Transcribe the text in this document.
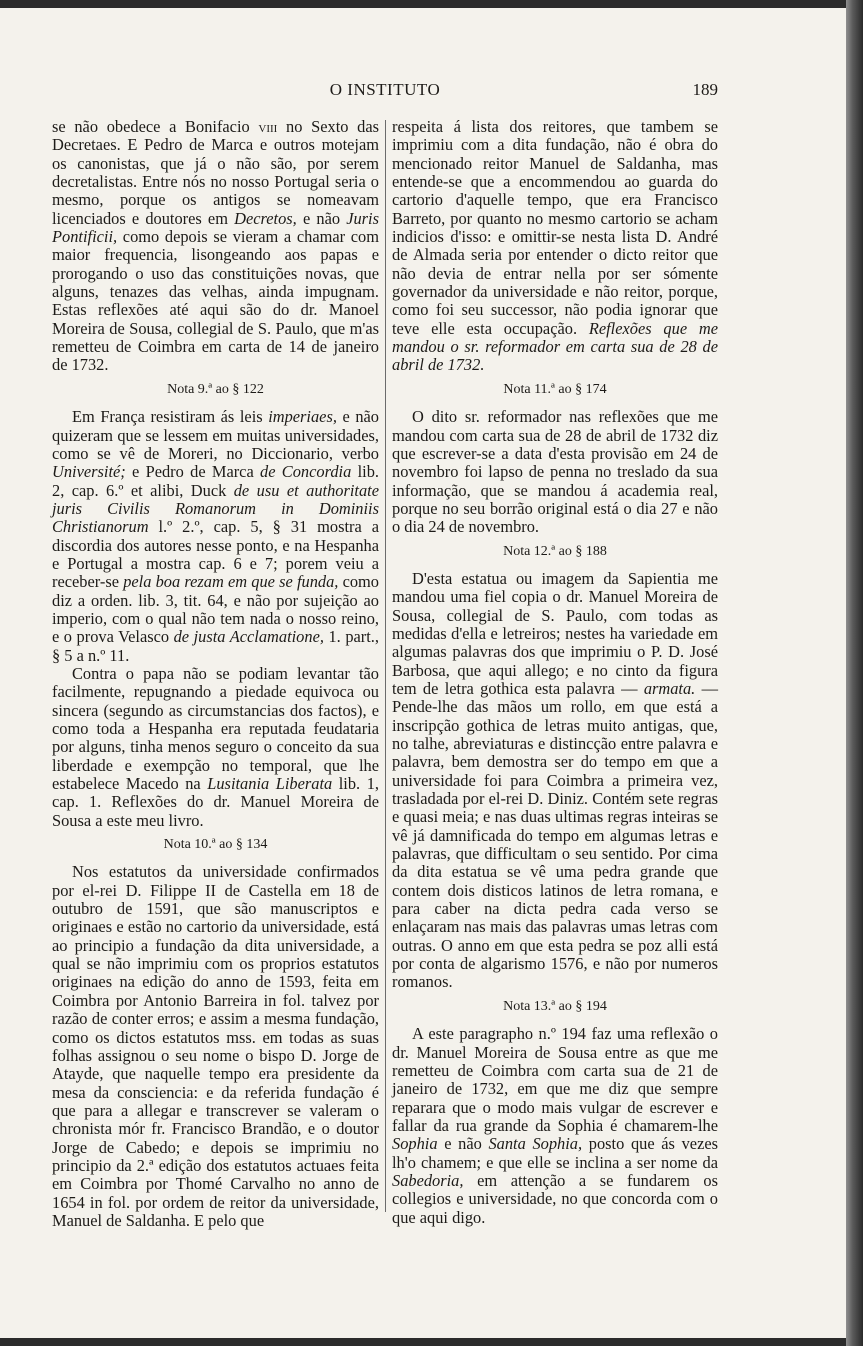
O INSTITUTO	189

se não obedece a Bonifacio viii no Sexto das Decretaes. E Pedro de Marca e outros motejam os canonistas, que já o não são, por serem decretalistas. Entre nós no nosso Portugal seria o mesmo, porque os antigos se nomeavam licenciados e doutores em Decretos, e não Juris Pontificii, como depois se vieram a chamar com maior frequencia, lisongeando aos papas e prorogando o uso das constituições novas, que alguns, tenazes das velhas, ainda impugnam. Estas reflexões até aqui são do dr. Manoel Moreira de Sousa, collegial de S. Paulo, que m'as remetteu de Coimbra em carta de 14 de janeiro de 1732.

Nota 9.ª ao § 122

Em França resistiram ás leis imperiaes, e não quizeram que se lessem em muitas universidades, como se vê de Moreri, no Diccionario, verbo Université; e Pedro de Marca de Concordia lib. 2, cap. 6.º et alibi, Duck de usu et authoritate juris Civilis Romanorum in Dominiis Christianorum l.º 2.º, cap. 5, § 31 mostra a discordia dos autores nesse ponto, e na Hespanha e Portugal a mostra cap. 6 e 7; porem veiu a receber-se pela boa rezam em que se funda, como diz a orden. lib. 3, tit. 64, e não por sujeição ao imperio, com o qual não tem nada o nosso reino, e o prova Velasco de justa Acclamatione, 1. part., § 5 a n.º 11.

Contra o papa não se podiam levantar tão facilmente, repugnando a piedade equivoca ou sincera (segundo as circumstancias dos factos), e como toda a Hespanha era reputada feudataria por alguns, tinha menos seguro o conceito da sua liberdade e exempção no temporal, que lhe estabelece Macedo na Lusitania Liberata lib. 1, cap. 1. Reflexões do dr. Manuel Moreira de Sousa a este meu livro.

Nota 10.ª ao § 134

Nos estatutos da universidade confirmados por el-rei D. Filippe II de Castella em 18 de outubro de 1591, que são manuscriptos e originaes e estão no cartorio da universidade, está ao principio a fundação da dita universidade, a qual se não imprimiu com os proprios estatutos originaes na edição do anno de 1593, feita em Coimbra por Antonio Barreira in fol. talvez por razão de conter erros; e assim a mesma fundação, como os dictos estatutos mss. em todas as suas folhas assignou o seu nome o bispo D. Jorge de Atayde, que naquelle tempo era presidente da mesa da consciencia: e da referida fundação é que para a allegar e transcrever se valeram o chronista mór fr. Francisco Brandão, e o doutor Jorge de Cabedo; e depois se imprimiu no principio da 2.ª edição dos estatutos actuaes feita em Coimbra por Thomé Carvalho no anno de 1654 in fol. por ordem de reitor da universidade, Manuel de Saldanha. E pelo que

respeita á lista dos reitores, que tambem se imprimiu com a dita fundação, não é obra do mencionado reitor Manuel de Saldanha, mas entende-se que a encommendou ao guarda do cartorio d'aquelle tempo, que era Francisco Barreto, por quanto no mesmo cartorio se acham indicios d'isso: e omittir-se nesta lista D. André de Almada seria por entender o dicto reitor que não devia de entrar nella por ser sómente governador da universidade e não reitor, porque, como foi seu successor, não podia ignorar que teve elle esta occupação. Reflexões que me mandou o sr. reformador em carta sua de 28 de abril de 1732.

Nota 11.ª ao § 174

O dito sr. reformador nas reflexões que me mandou com carta sua de 28 de abril de 1732 diz que escrever-se a data d'esta provisão em 24 de novembro foi lapso de penna no treslado da sua informação, que se mandou á academia real, porque no seu borrão original está o dia 27 e não o dia 24 de novembro.

Nota 12.ª ao § 188

D'esta estatua ou imagem da Sapientia me mandou uma fiel copia o dr. Manuel Moreira de Sousa, collegial de S. Paulo, com todas as medidas d'ella e letreiros; nestes ha variedade em algumas palavras dos que imprimiu o P. D. José Barbosa, que aqui allego; e no cinto da figura tem de letra gothica esta palavra — armata. — Pende-lhe das mãos um rollo, em que está a inscripção gothica de letras muito antigas, que, no talhe, abreviaturas e distincção entre palavra e palavra, bem demostra ser do tempo em que a universidade foi para Coimbra a primeira vez, trasladada por el-rei D. Diniz. Contém sete regras e quasi meia; e nas duas ultimas regras inteiras se vê já damnificada do tempo em algumas letras e palavras, que difficultam o seu sentido. Por cima da dita estatua se vê uma pedra grande que contem dois disticos latinos de letra romana, e para caber na dicta pedra cada verso se enlaçaram nas mais das palavras umas letras com outras. O anno em que esta pedra se poz alli está por conta de algarismo 1576, e não por numeros romanos.

Nota 13.ª ao § 194

A este paragrapho n.º 194 faz uma reflexão o dr. Manuel Moreira de Sousa entre as que me remetteu de Coimbra com carta sua de 21 de janeiro de 1732, em que me diz que sempre reparara que o modo mais vulgar de escrever e fallar da rua grande da Sophia é chamarem-lhe Sophia e não Santa Sophia, posto que ás vezes lh'o chamem; e que elle se inclina a ser nome da Sabedoria, em attenção a se fundarem os collegios e universidade, no que concorda com o que aqui digo.
